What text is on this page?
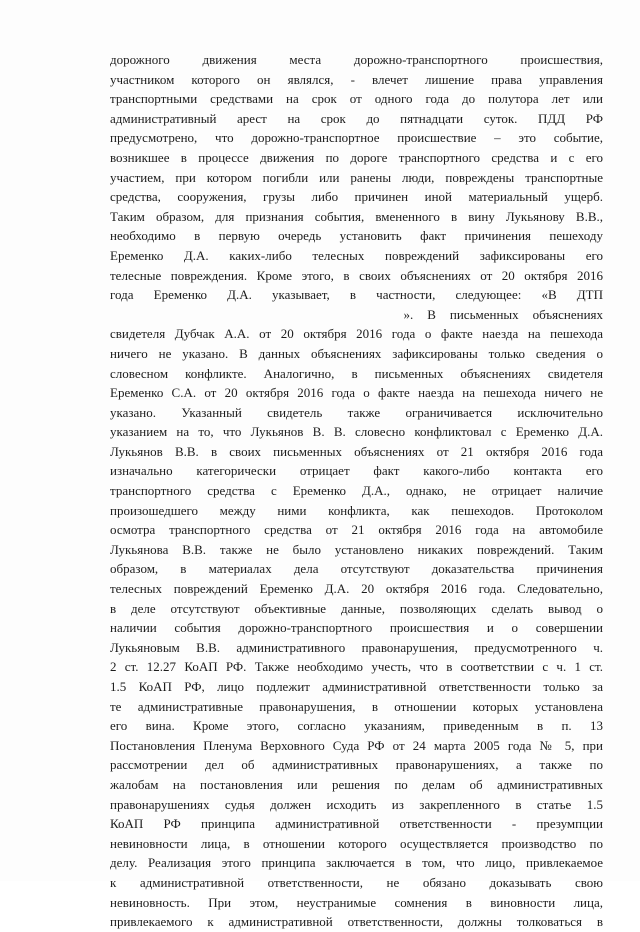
дорожного движения места дорожно-транспортного происшествия,
участником которого он являлся, - влечет лишение права управления
транспортными средствами на срок от одного года до полутора лет или
административный арест на срок до пятнадцати суток. ПДД РФ
предусмотрено, что дорожно-транспортное происшествие – это событие,
возникшее в процессе движения по дороге транспортного средства и с его
участием, при котором погибли или ранены люди, повреждены транспортные
средства, сооружения, грузы либо причинен иной материальный ущерб.
Таким образом, для признания события, вмененного в вину Лукьянову В.В.,
необходимо в первую очередь установить факт причинения пешеходу
Еременко Д.А. каких-либо телесных повреждений зафиксированы его
телесные повреждения. Кроме этого, в своих объяснениях от 20 октября 2016
года Еременко Д.А. указывает, в частности, следующее: «В ДТП
».  В  письменных  объяснениях
свидетеля Дубчак А.А. от 20 октября 2016 года о факте наезда на пешехода
ничего не указано. В данных объяснениях зафиксированы только сведения о
словесном конфликте. Аналогично, в письменных объяснениях свидетеля
Еременко С.А. от 20 октября 2016 года о факте наезда на пешехода ничего не
указано. Указанный свидетель также ограничивается исключительно
указанием на то, что Лукьянов В. В. словесно конфликтовал с Еременко Д.А.
Лукьянов В.В. в своих письменных объяснениях от 21 октября 2016 года
изначально категорически отрицает факт какого-либо контакта его
транспортного средства с Еременко Д.А., однако, не отрицает наличие
произошедшего между ними конфликта, как пешеходов. Протоколом
осмотра транспортного средства от 21 октября 2016 года на автомобиле
Лукьянова В.В. также не было установлено никаких повреждений. Таким
образом, в материалах дела отсутствуют доказательства причинения
телесных повреждений Еременко Д.А. 20 октября 2016 года. Следовательно,
в деле отсутствуют объективные данные, позволяющих сделать вывод о
наличии события дорожно-транспортного происшествия и о совершении
Лукьяновым В.В. административного правонарушения, предусмотренного ч.
2 ст. 12.27 КоАП РФ. Также необходимо учесть, что в соответствии с ч. 1 ст.
1.5 КоАП РФ, лицо подлежит административной ответственности только за
те административные правонарушения, в отношении которых установлена
его вина. Кроме этого, согласно указаниям, приведенным в п. 13
Постановления Пленума Верховного Суда РФ от 24 марта 2005 года № 5, при
рассмотрении дел об административных правонарушениях, а также по
жалобам на постановления или решения по делам об административных
правонарушениях судья должен исходить из закрепленного в статье 1.5
КоАП РФ принципа административной ответственности - презумпции
невиновности лица, в отношении которого осуществляется производство по
делу. Реализация этого принципа заключается в том, что лицо, привлекаемое
к административной ответственности, не обязано доказывать свою
невиновность. При этом, неустранимые сомнения в виновности лица,
привлекаемого к административной ответственности, должны толковаться в
